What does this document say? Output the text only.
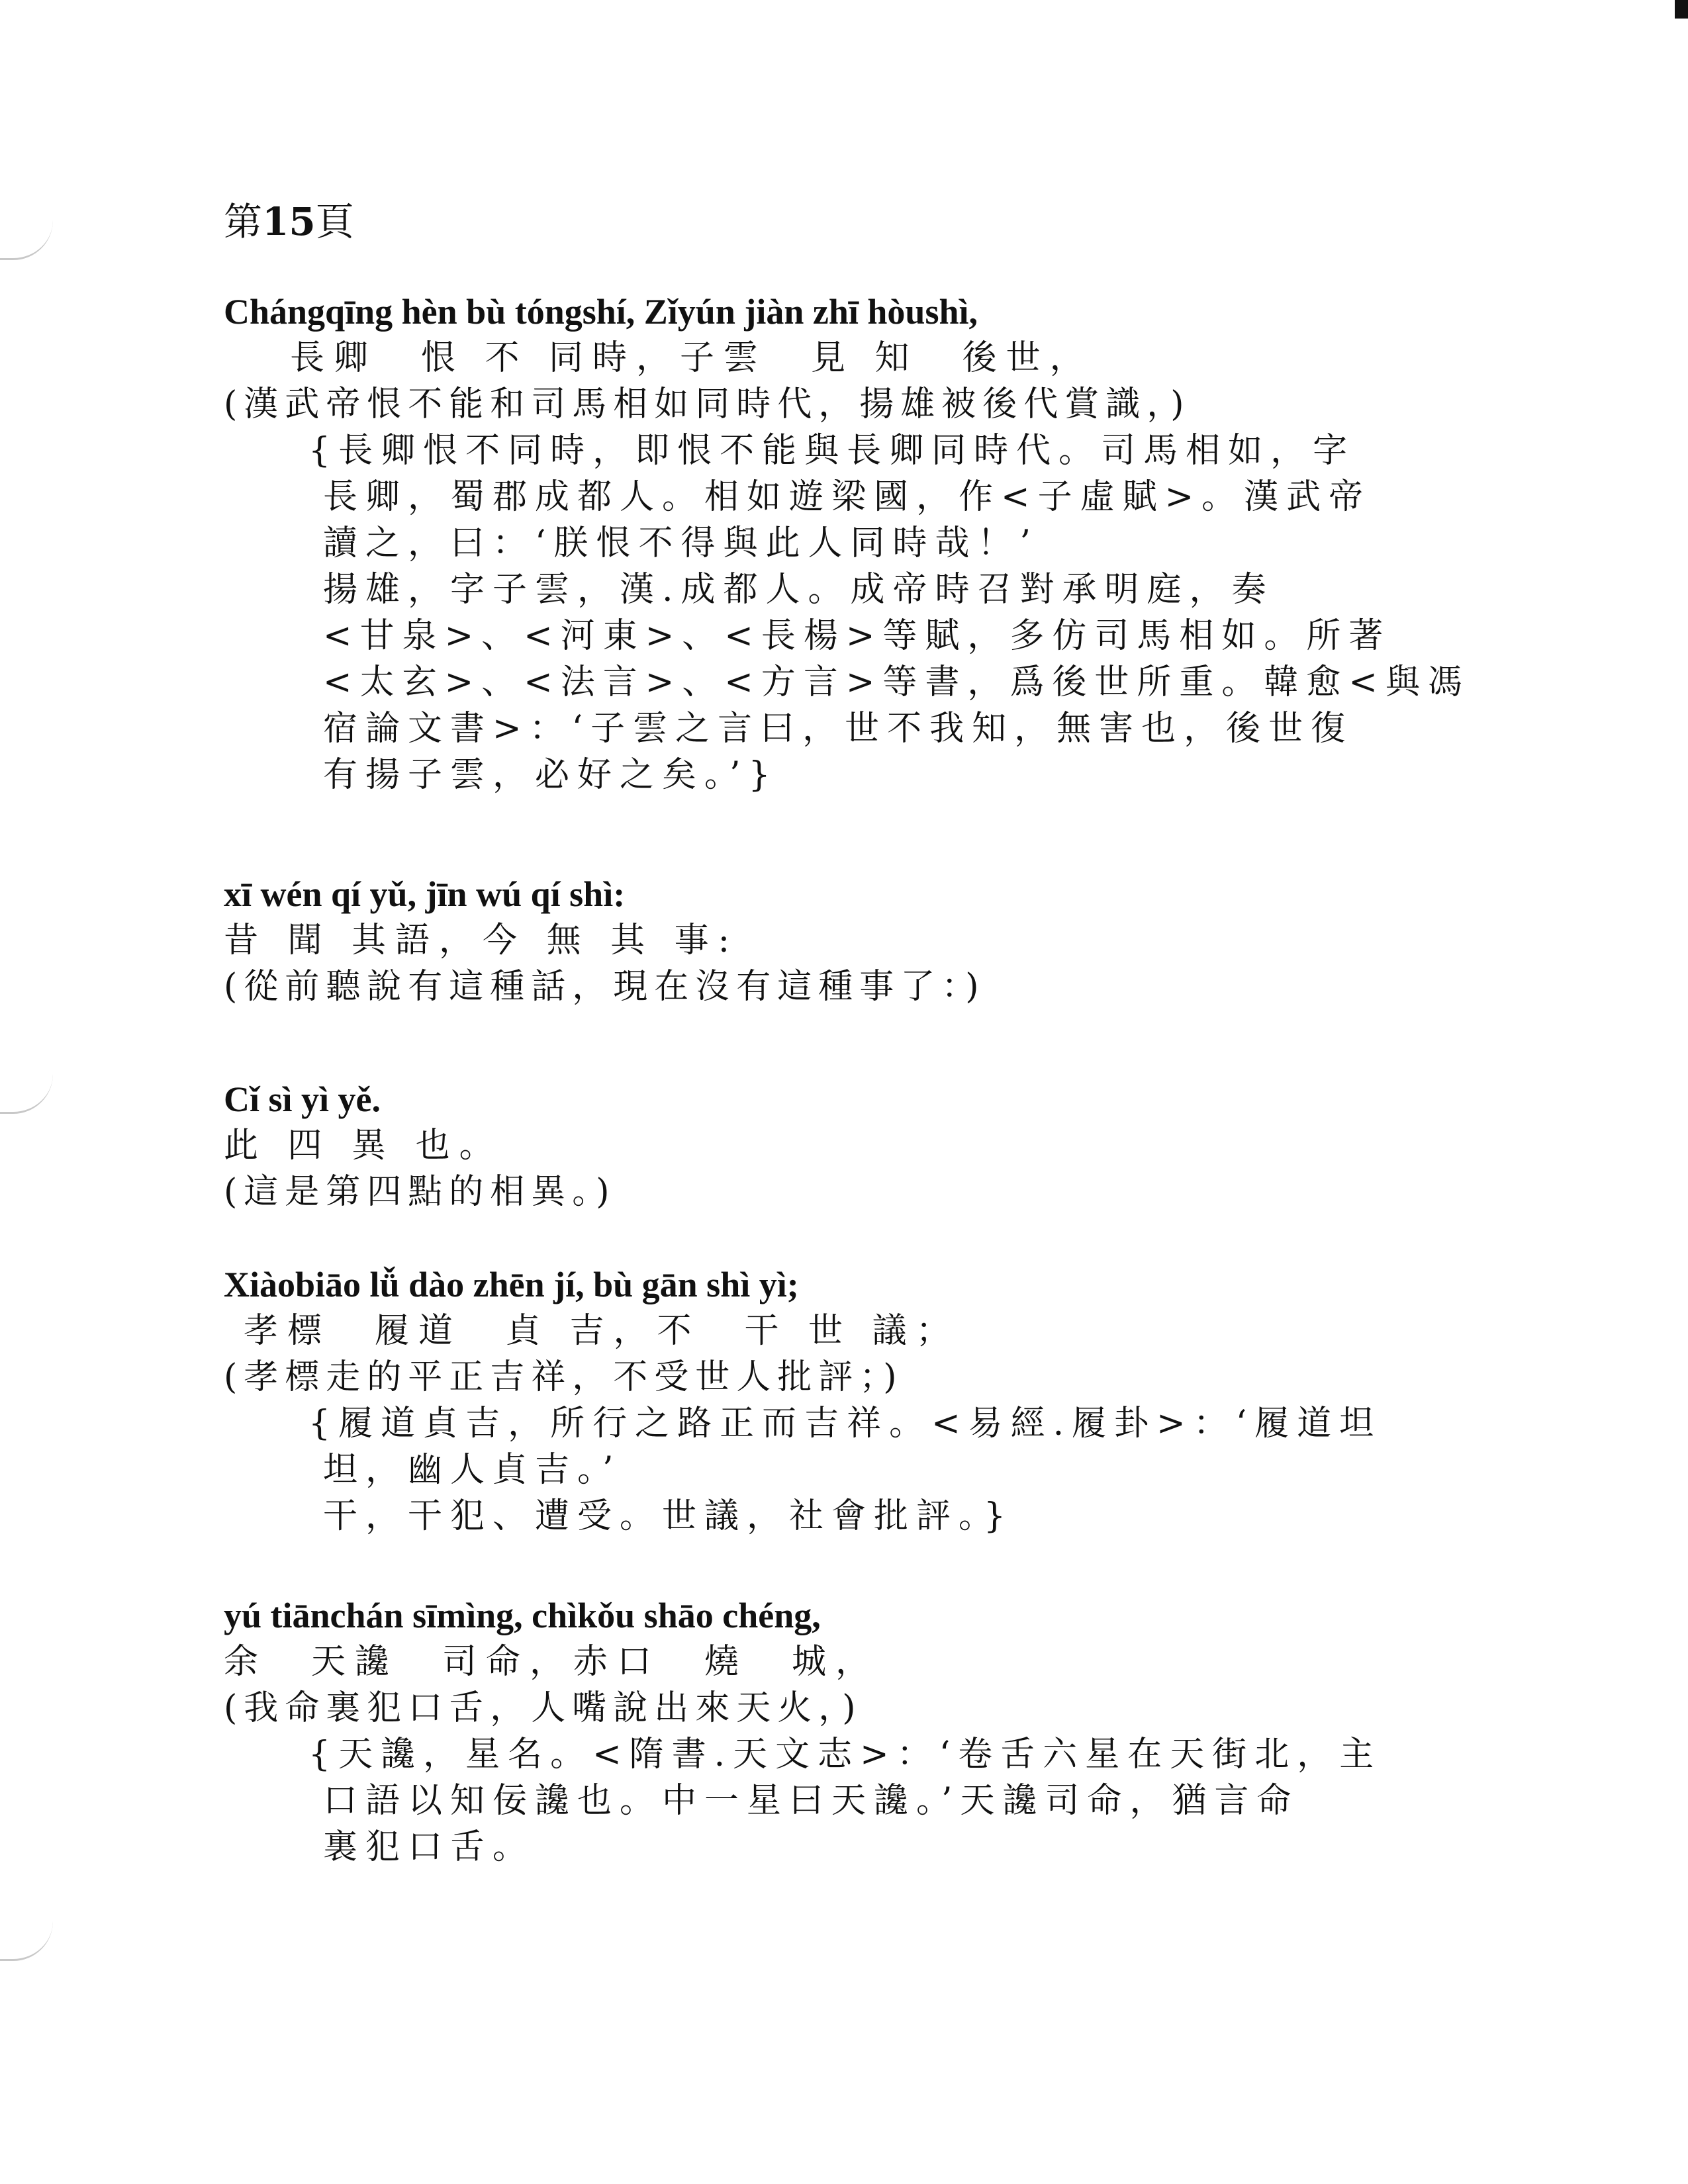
第15頁
Chángqīng hèn bù tóngshí, Zǐyún jiàn zhī hòushì,
長卿　恨 不 同時，子雲　見 知　後世，
(漢武帝恨不能和司馬相如同時代，揚雄被後代賞識，)
{長卿恨不同時，即恨不能與長卿同時代。司馬相如，字
長卿，蜀郡成都人。相如遊梁國，作<子虛賦>。漢武帝
讀之，曰：‘朕恨不得與此人同時哉！’
揚雄，字子雲，漢.成都人。成帝時召對承明庭，奏
<甘泉>、<河東>、<長楊>等賦，多仿司馬相如。所著
<太玄>、<法言>、<方言>等書，爲後世所重。韓愈<與馮
宿論文書>：‘子雲之言曰，世不我知，無害也，後世復
有揚子雲，必好之矣。’}
xī wén qí yǔ, jīn wú qí shì:
昔 聞 其語，今 無 其 事:
(從前聽說有這種話，現在沒有這種事了：)
Cǐ sì yì yě.
此 四 異 也。
(這是第四點的相異。)
Xiàobiāo lǚ dào zhēn jí, bù gān shì yì;
孝標　履道　貞 吉，不　干 世 議；
(孝標走的平正吉祥，不受世人批評；)
{履道貞吉，所行之路正而吉祥。<易經.履卦>：‘履道坦
坦，幽人貞吉。’
干，干犯、遭受。世議，社會批評。}
yú tiānchán sīmìng, chìkǒu shāo chéng,
余　天讒　司命，赤口　燒　城，
(我命裏犯口舌，人嘴說出來天火，)
{天讒，星名。<隋書.天文志>：‘卷舌六星在天街北，主
口語以知佞讒也。中一星曰天讒。’天讒司命，猶言命
裏犯口舌。
